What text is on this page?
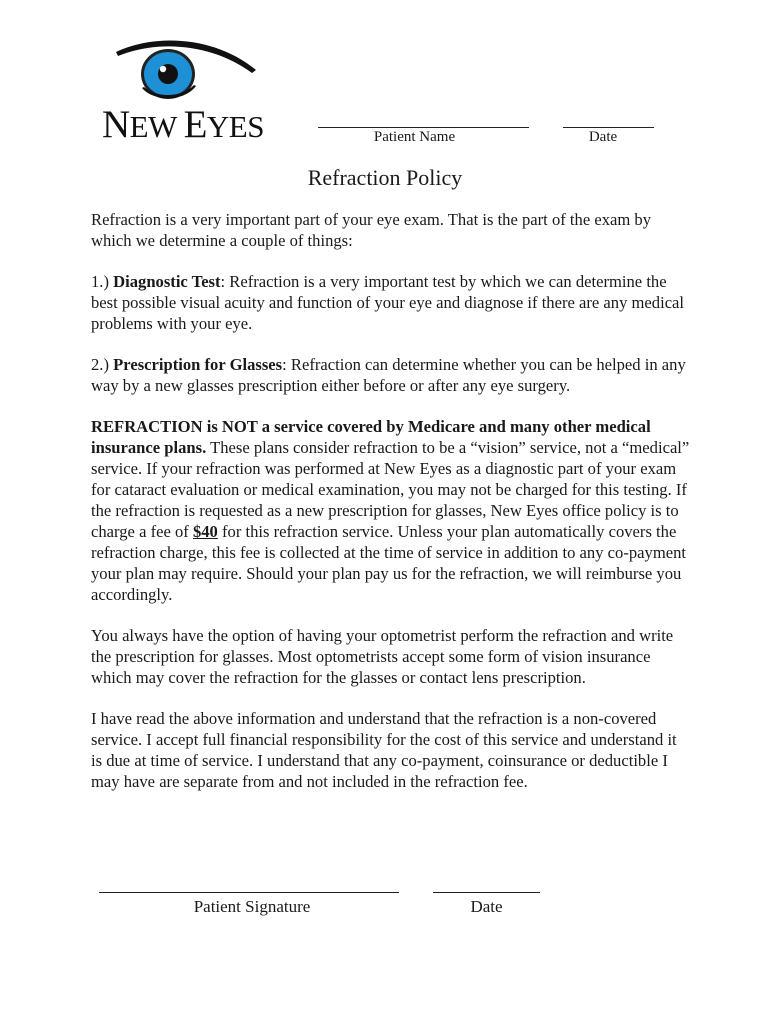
NEW EYES	Patient Name	Date
Refraction Policy

Refraction is a very important part of your eye exam. That is the part of the exam by which we determine a couple of things:

1.) Diagnostic Test: Refraction is a very important test by which we can determine the best possible visual acuity and function of your eye and diagnose if there are any medical problems with your eye.

2.) Prescription for Glasses: Refraction can determine whether you can be helped in any way by a new glasses prescription either before or after any eye surgery.

REFRACTION is NOT a service covered by Medicare and many other medical insurance plans. These plans consider refraction to be a “vision” service, not a “medical” service. If your refraction was performed at New Eyes as a diagnostic part of your exam for cataract evaluation or medical examination, you may not be charged for this testing. If the refraction is requested as a new prescription for glasses, New Eyes office policy is to charge a fee of $40 for this refraction service. Unless your plan automatically covers the refraction charge, this fee is collected at the time of service in addition to any co-payment your plan may require. Should your plan pay us for the refraction, we will reimburse you accordingly.

You always have the option of having your optometrist perform the refraction and write the prescription for glasses. Most optometrists accept some form of vision insurance which may cover the refraction for the glasses or contact lens prescription.

I have read the above information and understand that the refraction is a non-covered service. I accept full financial responsibility for the cost of this service and understand it is due at time of service. I understand that any co-payment, coinsurance or deductible I may have are separate from and not included in the refraction fee.

Patient Signature	Date
